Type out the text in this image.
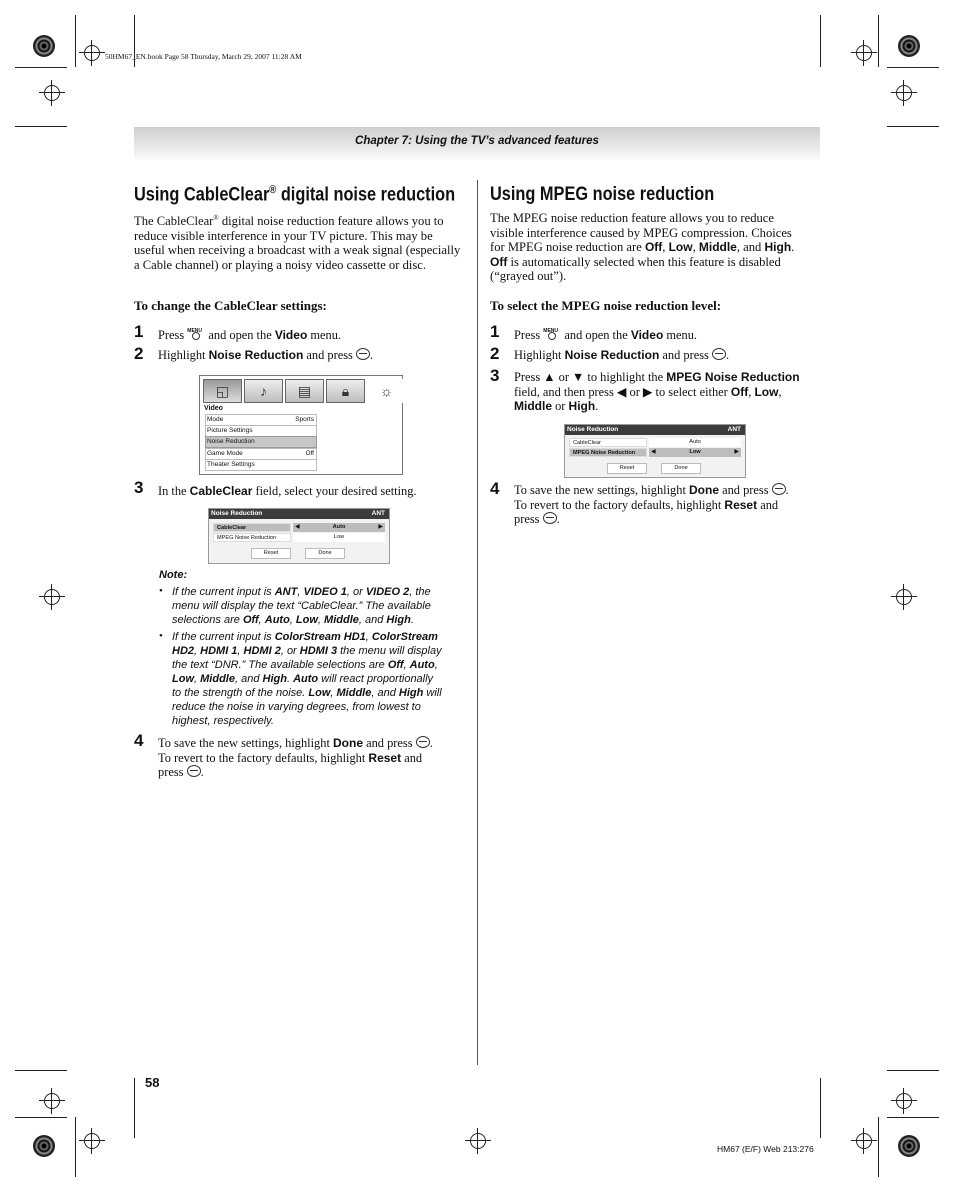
50HM67_EN.book Page 58 Thursday, March 29, 2007 11:28 AM
Chapter 7: Using the TV’s advanced features
Using CableClear® digital noise reduction

The CableClear® digital noise reduction feature allows you to reduce visible interference in your TV picture. This may be useful when receiving a broadcast with a weak signal (especially a Cable channel) or playing a noisy video cassette or disc.

To change the CableClear settings:
1 Press MENU and open the Video menu.
2 Highlight Noise Reduction and press .
◱	♪	▤	🔒︎	☼
Video
Mode	Sports
Picture Settings
Noise Reduction
Game Mode	Off
Theater Settings
3 In the CableClear field, select your desired setting.
Noise Reduction	ANT
CableClear	◀	Auto	▶
MPEG Noise Reduction	Low
Reset	Done
Note:
• If the current input is ANT, VIDEO 1, or VIDEO 2, the
menu will display the text “CableClear.” The available
selections are Off, Auto, Low, Middle, and High.
• If the current input is ColorStream HD1, ColorStream
HD2, HDMI 1, HDMI 2, or HDMI 3 the menu will display
the text “DNR.” The available selections are Off, Auto,
Low, Middle, and High. Auto will react proportionally
to the strength of the noise. Low, Middle, and High will
reduce the noise in varying degrees, from lowest to
highest, respectively.
4 To save the new settings, highlight Done and press .
To revert to the factory defaults, highlight Reset and
press .
Using MPEG noise reduction
The MPEG noise reduction feature allows you to reduce
visible interference caused by MPEG compression. Choices
for MPEG noise reduction are Off, Low, Middle, and High.
Off is automatically selected when this feature is disabled
(“grayed out”).
To select the MPEG noise reduction level:
1 Press MENU and open the Video menu.
2 Highlight Noise Reduction and press .
3 Press ▲ or ▼ to highlight the MPEG Noise Reduction
field, and then press ◀ or ▶ to select either Off, Low,
Middle or High.
Noise Reduction	ANT
CableClear	Auto
MPEG Noise Reduction	◀	Low	▶
Reset	Done
4 To save the new settings, highlight Done and press .
To revert to the factory defaults, highlight Reset and
press .
58
HM67 (E/F) Web 213:276
